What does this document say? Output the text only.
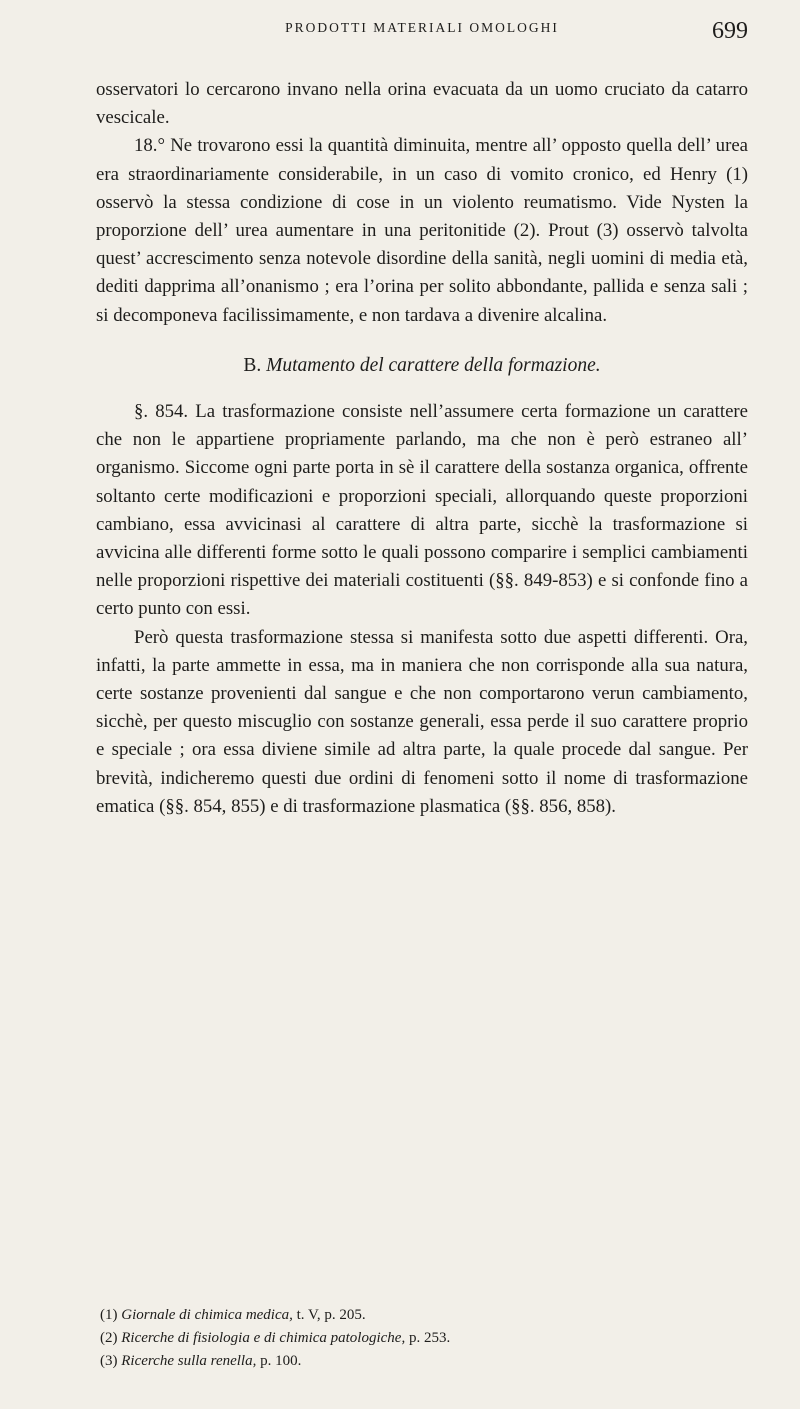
PRODOTTI MATERIALI OMOLOGHI	699

osservatori lo cercarono invano nella orina evacuata da un uomo cruciato da catarro vescicale.

18.° Ne trovarono essi la quantità diminuita, mentre all’ opposto quella dell’ urea era straordinariamente considerabile, in un caso di vomito cronico, ed Henry (1) osservò la stessa condizione di cose in un violento reumatismo. Vide Nysten la proporzione dell’ urea aumentare in una peritonitide (2). Prout (3) osservò talvolta quest’ accrescimento senza notevole disordine della sanità, negli uomini di media età, dediti dapprima all’onanismo ; era l’orina per solito abbondante, pallida e senza sali ; si decomponeva facilissimamente, e non tardava a divenire alcalina.

B. Mutamento del carattere della formazione.

§. 854. La trasformazione consiste nell’assumere certa formazione un carattere che non le appartiene propriamente parlando, ma che non è però estraneo all’ organismo. Siccome ogni parte porta in sè il carattere della sostanza organica, offrente soltanto certe modificazioni e proporzioni speciali, allorquando queste proporzioni cambiano, essa avvicinasi al carattere di altra parte, sicchè la trasformazione si avvicina alle differenti forme sotto le quali possono comparire i semplici cambiamenti nelle proporzioni rispettive dei materiali costituenti (§§. 849-853) e si confonde fino a certo punto con essi.

Però questa trasformazione stessa si manifesta sotto due aspetti differenti. Ora, infatti, la parte ammette in essa, ma in maniera che non corrisponde alla sua natura, certe sostanze provenienti dal sangue e che non comportarono verun cambiamento, sicchè, per questo miscuglio con sostanze generali, essa perde il suo carattere proprio e speciale ; ora essa diviene simile ad altra parte, la quale procede dal sangue. Per brevità, indicheremo questi due ordini di fenomeni sotto il nome di trasformazione ematica (§§. 854, 855) e di trasformazione plasmatica (§§. 856, 858).

(1) Giornale di chimica medica, t. V, p. 205.
(2) Ricerche di fisiologia e di chimica patologiche, p. 253.
(3) Ricerche sulla renella, p. 100.
